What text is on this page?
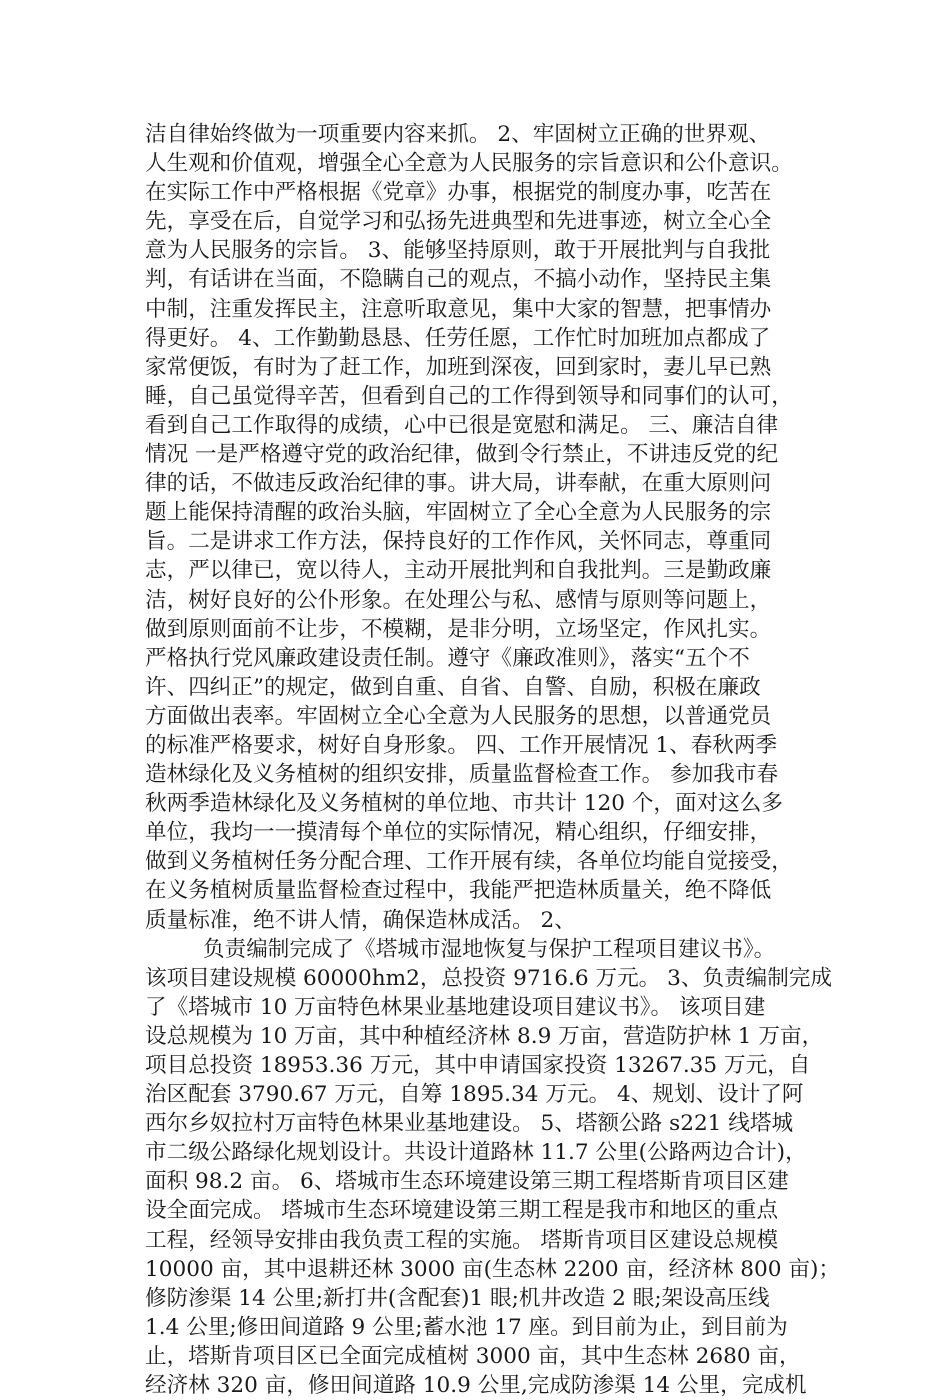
洁自律始终做为一项重要内容来抓。 2、牢固树立正确的世界观、
人生观和价值观，增强全心全意为人民服务的宗旨意识和公仆意识。
在实际工作中严格根据《党章》办事，根据党的制度办事，吃苦在
先，享受在后，自觉学习和弘扬先进典型和先进事迹，树立全心全
意为人民服务的宗旨。 3、能够坚持原则，敢于开展批判与自我批
判，有话讲在当面，不隐瞒自己的观点，不搞小动作，坚持民主集
中制，注重发挥民主，注意听取意见，集中大家的智慧，把事情办
得更好。 4、工作勤勤恳恳、任劳任愿，工作忙时加班加点都成了
家常便饭，有时为了赶工作，加班到深夜，回到家时，妻儿早已熟
睡，自己虽觉得辛苦，但看到自己的工作得到领导和同事们的认可，
看到自己工作取得的成绩，心中已很是宽慰和满足。 三、廉洁自律
情况 一是严格遵守党的政治纪律，做到令行禁止，不讲违反党的纪
律的话，不做违反政治纪律的事。讲大局，讲奉献，在重大原则问
题上能保持清醒的政治头脑，牢固树立了全心全意为人民服务的宗
旨。二是讲求工作方法，保持良好的工作作风，关怀同志，尊重同
志，严以律已，宽以待人，主动开展批判和自我批判。三是勤政廉
洁，树好良好的公仆形象。在处理公与私、感情与原则等问题上，
做到原则面前不让步，不模糊，是非分明，立场坚定，作风扎实。
严格执行党风廉政建设责任制。遵守《廉政准则》，落实“五个不
许、四纠正”的规定，做到自重、自省、自警、自励，积极在廉政
方面做出表率。牢固树立全心全意为人民服务的思想，以普通党员
的标准严格要求，树好自身形象。 四、工作开展情况 1、春秋两季
造林绿化及义务植树的组织安排，质量监督检查工作。 参加我市春
秋两季造林绿化及义务植树的单位地、市共计 120 个，面对这么多
单位，我均一一摸清每个单位的实际情况，精心组织，仔细安排，
做到义务植树任务分配合理、工作开展有续，各单位均能自觉接受，
在义务植树质量监督检查过程中，我能严把造林质量关，绝不降低
质量标准，绝不讲人情，确保造林成活。 2、
负责编制完成了《塔城市湿地恢复与保护工程项目建议书》。
该项目建设规模 60000hm2，总投资 9716.6 万元。 3、负责编制完成
了《塔城市 10 万亩特色林果业基地建设项目建议书》。 该项目建
设总规模为 10 万亩，其中种植经济林 8.9 万亩，营造防护林 1 万亩，
项目总投资 18953.36 万元，其中申请国家投资 13267.35 万元，自
治区配套 3790.67 万元，自筹 1895.34 万元。 4、规划、设计了阿
西尔乡奴拉村万亩特色林果业基地建设。 5、塔额公路 s221 线塔城
市二级公路绿化规划设计。共设计道路林 11.7 公里(公路两边合计)，
面积 98.2 亩。 6、塔城市生态环境建设第三期工程塔斯肯项目区建
设全面完成。 塔城市生态环境建设第三期工程是我市和地区的重点
工程，经领导安排由我负责工程的实施。 塔斯肯项目区建设总规模
10000 亩，其中退耕还林 3000 亩(生态林 2200 亩，经济林 800 亩)；
修防渗渠 14 公里;新打井(含配套)1 眼;机井改造 2 眼;架设高压线
1.4 公里;修田间道路 9 公里;蓄水池 17 座。到目前为止，到目前为
止，塔斯肯项目区已全面完成植树 3000 亩，其中生态林 2680 亩，
经济林 320 亩，修田间道路 10.9 公里,完成防渗渠 14 公里，完成机
